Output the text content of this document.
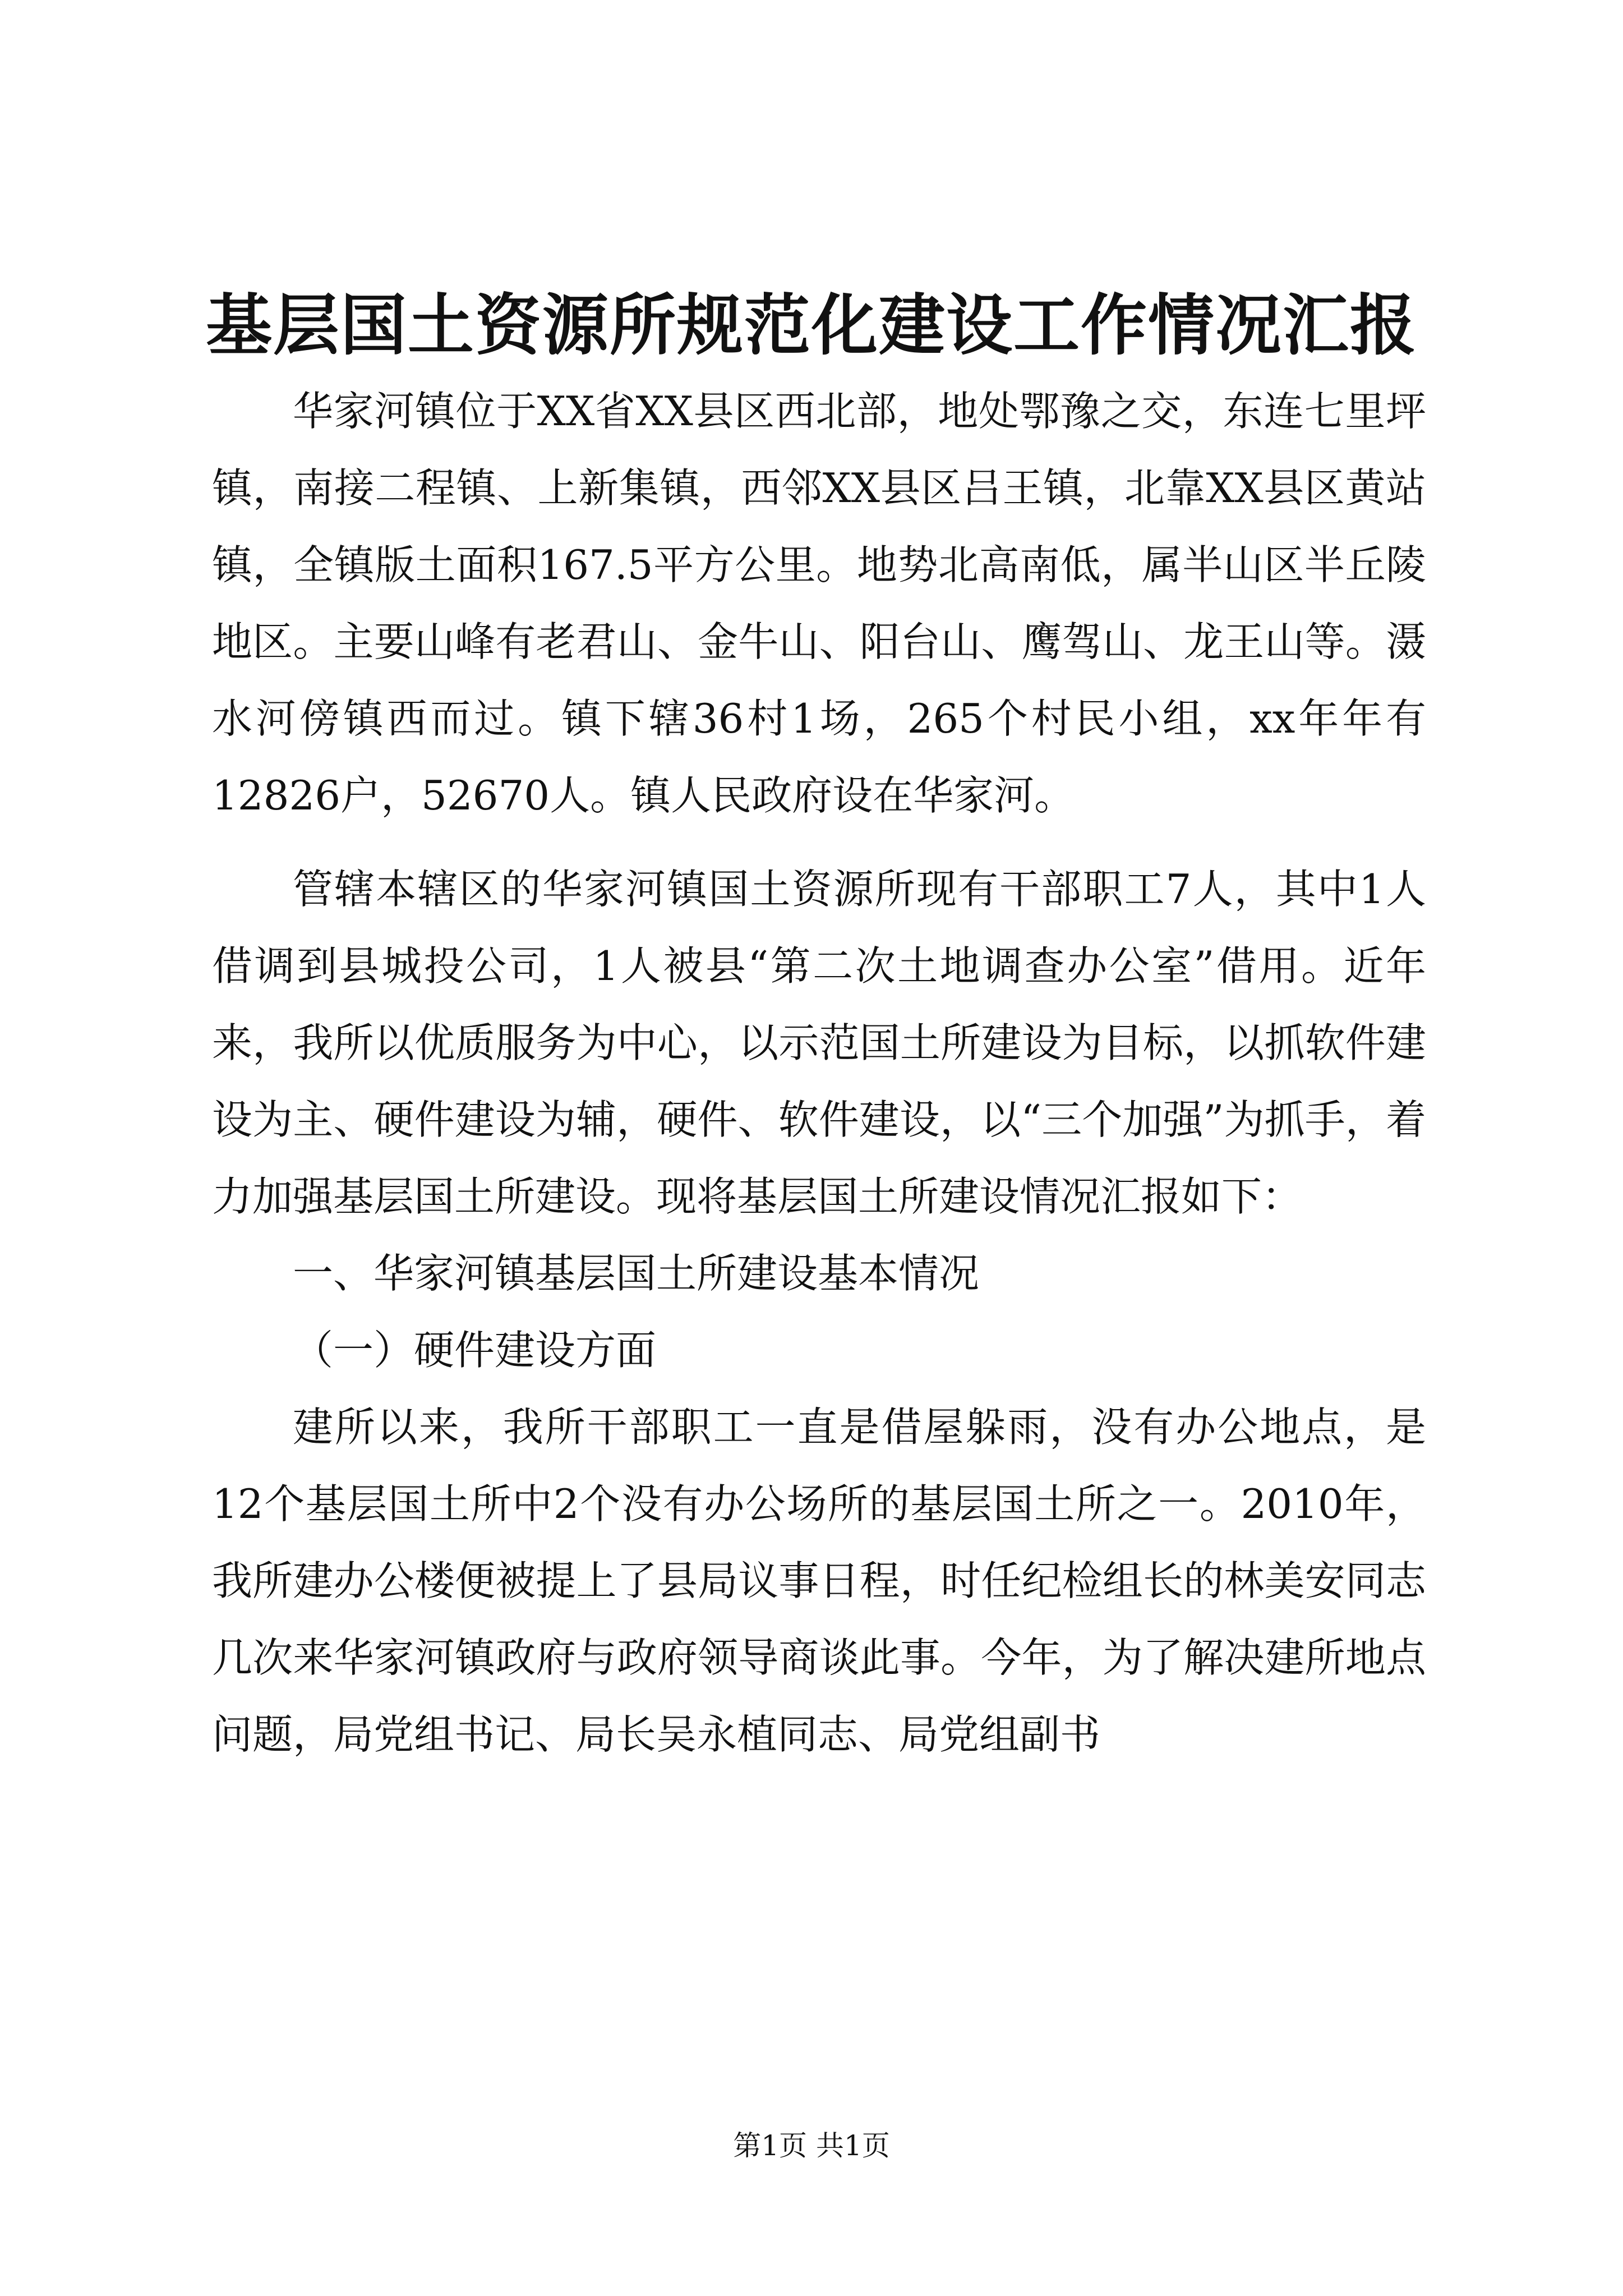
基层国土资源所规范化建设工作情况汇报

华家河镇位于XX省XX县区西北部，地处鄂豫之交，东连七里坪镇，南接二程镇、上新集镇，西邻XX县区吕王镇，北靠XX县区黄站镇，全镇版土面积167.5平方公里。地势北高南低，属半山区半丘陵地区。主要山峰有老君山、金牛山、阳台山、鹰驾山、龙王山等。滠水河傍镇西而过。镇下辖36村1场，265个村民小组，xx年年有12826户，52670人。镇人民政府设在华家河。

管辖本辖区的华家河镇国土资源所现有干部职工7人，其中1人借调到县城投公司，1人被县“第二次土地调查办公室”借用。近年来，我所以优质服务为中心，以示范国土所建设为目标，以抓软件建设为主、硬件建设为辅，硬件、软件建设，以“三个加强”为抓手，着力加强基层国土所建设。现将基层国土所建设情况汇报如下：

一、华家河镇基层国土所建设基本情况

（一）硬件建设方面

建所以来，我所干部职工一直是借屋躲雨，没有办公地点，是12个基层国土所中2个没有办公场所的基层国土所之一。2010年，我所建办公楼便被提上了县局议事日程，时任纪检组长的林美安同志几次来华家河镇政府与政府领导商谈此事。今年，为了解决建所地点问题，局党组书记、局长吴永植同志、局党组副书

第1页 共1页
